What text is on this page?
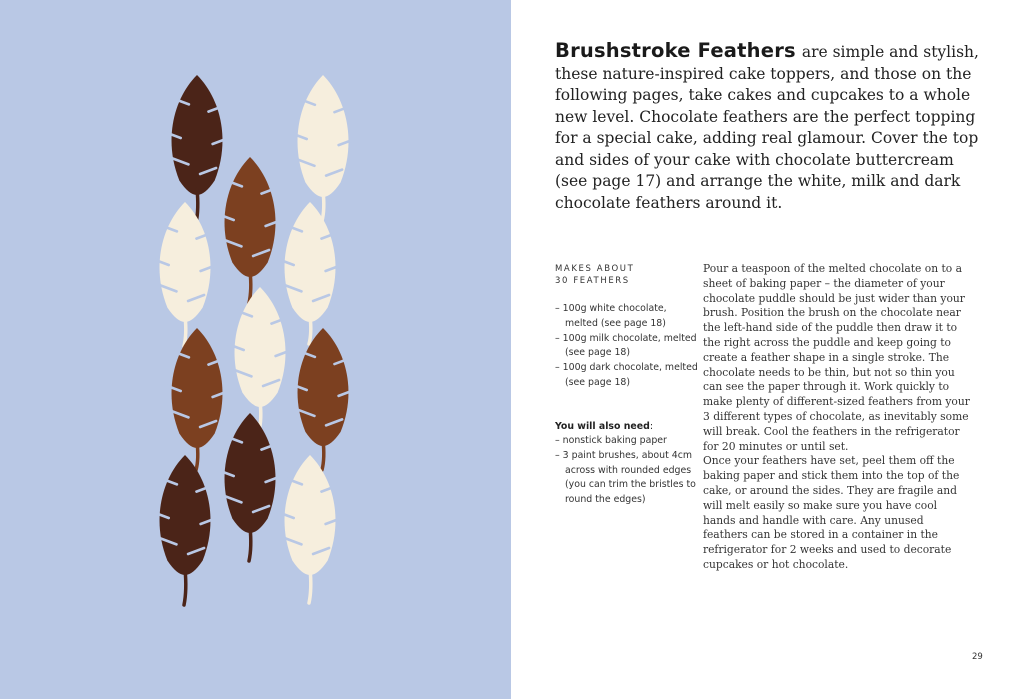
Brushstroke Feathers are simple and stylish, these nature-inspired cake toppers, and those on the following pages, take cakes and cupcakes to a whole new level. Chocolate feathers are the perfect topping for a special cake, adding real glamour. Cover the top and sides of your cake with chocolate buttercream (see page 17) and arrange the white, milk and dark chocolate feathers around it.

MAKES ABOUT
30 FEATHERS
– 100g white chocolate, melted (see page 18)
– 100g milk chocolate, melted (see page 18)
– 100g dark chocolate, melted (see page 18)

You will also need:

– nonstick baking paper
– 3 paint brushes, about 4cm across with rounded edges (you can trim the bristles to round the edges)

Pour a teaspoon of the melted chocolate on to a sheet of baking paper – the diameter of your chocolate puddle should be just wider than your brush. Position the brush on the chocolate near the left-hand side of the puddle then draw it to the right across the puddle and keep going to create a feather shape in a single stroke. The chocolate needs to be thin, but not so thin you can see the paper through it. Work quickly to make plenty of different-sized feathers from your 3 different types of chocolate, as inevitably some will break. Cool the feathers in the refrigerator for 20 minutes or until set.

Once your feathers have set, peel them off the baking paper and stick them into the top of the cake, or around the sides. They are fragile and will melt easily so make sure you have cool hands and handle with care. Any unused feathers can be stored in a container in the refrigerator for 2 weeks and used to decorate cupcakes or hot chocolate.

29
